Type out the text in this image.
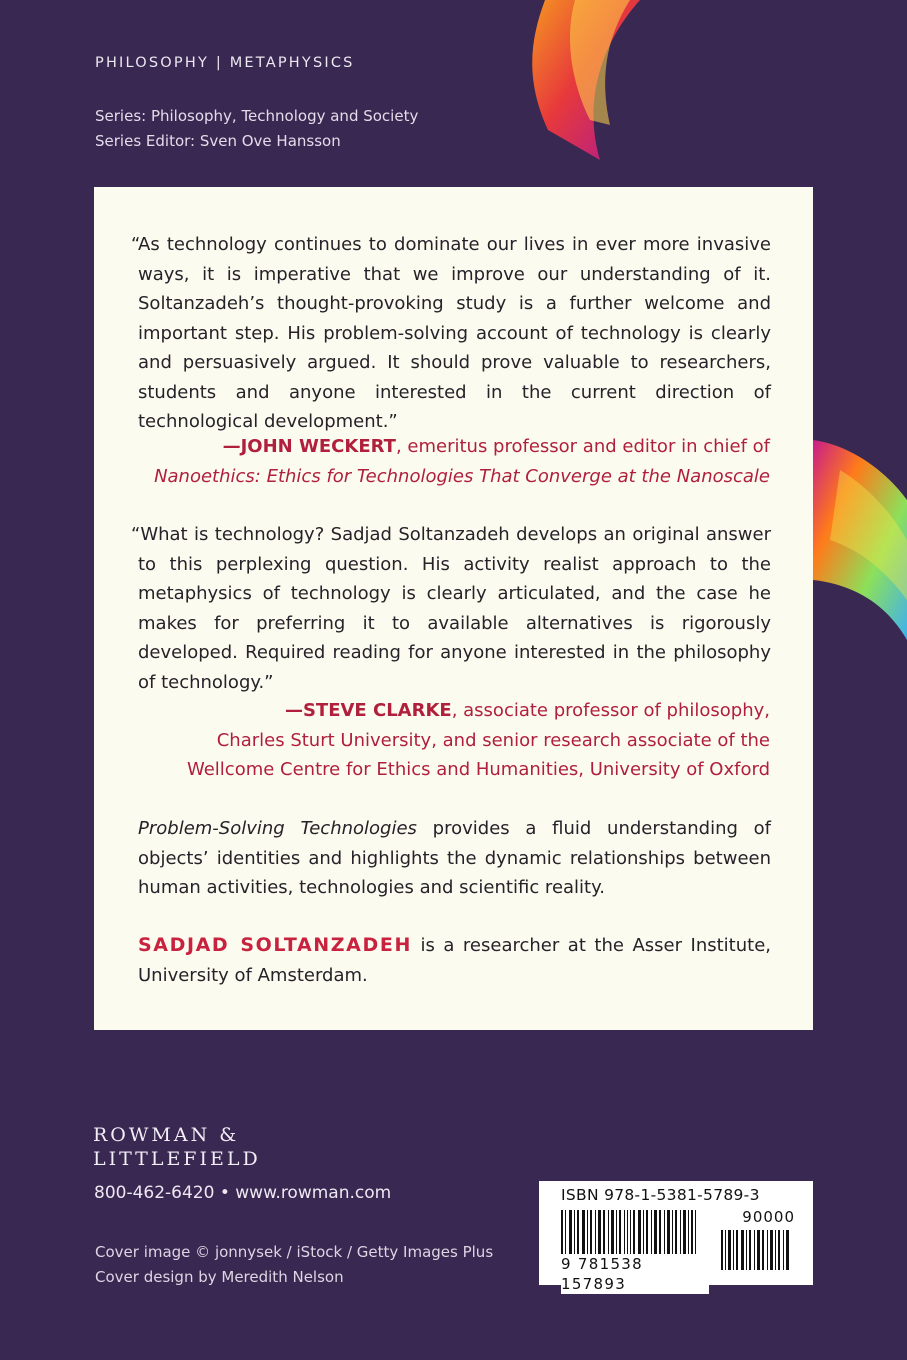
PHILOSOPHY | METAPHYSICS
Series: Philosophy, Technology and Society
Series Editor: Sven Ove Hansson
“As technology continues to dominate our lives in ever more invasive ways, it is imperative that we improve our understanding of it. Soltanzadeh’s thought-provoking study is a further welcome and important step. His problem-solving account of technology is clearly and persuasively argued. It should prove valuable to researchers, students and anyone interested in the current direction of technological development.”
—JOHN WECKERT, emeritus professor and editor in chief of
Nanoethics: Ethics for Technologies That Converge at the Nanoscale
“What is technology? Sadjad Soltanzadeh develops an original answer to this perplexing question. His activity realist approach to the metaphysics of technology is clearly articulated, and the case he makes for preferring it to available alternatives is rigorously developed. Required reading for anyone interested in the philosophy of technology.”
—STEVE CLARKE, associate professor of philosophy,
Charles Sturt University, and senior research associate of the
Wellcome Centre for Ethics and Humanities, University of Oxford
Problem-Solving Technologies provides a fluid understanding of objects’ identities and highlights the dynamic relationships between human activities, technologies and scientific reality.
SADJAD SOLTANZADEH is a researcher at the Asser Institute, University of Amsterdam.
ROWMAN &
LITTLEFIELD
800-462-6420 • www.rowman.com
Cover image © jonnysek / iStock / Getty Images Plus
Cover design by Meredith Nelson
ISBN 978-1-5381-5789-3
90000
9 781538 157893
